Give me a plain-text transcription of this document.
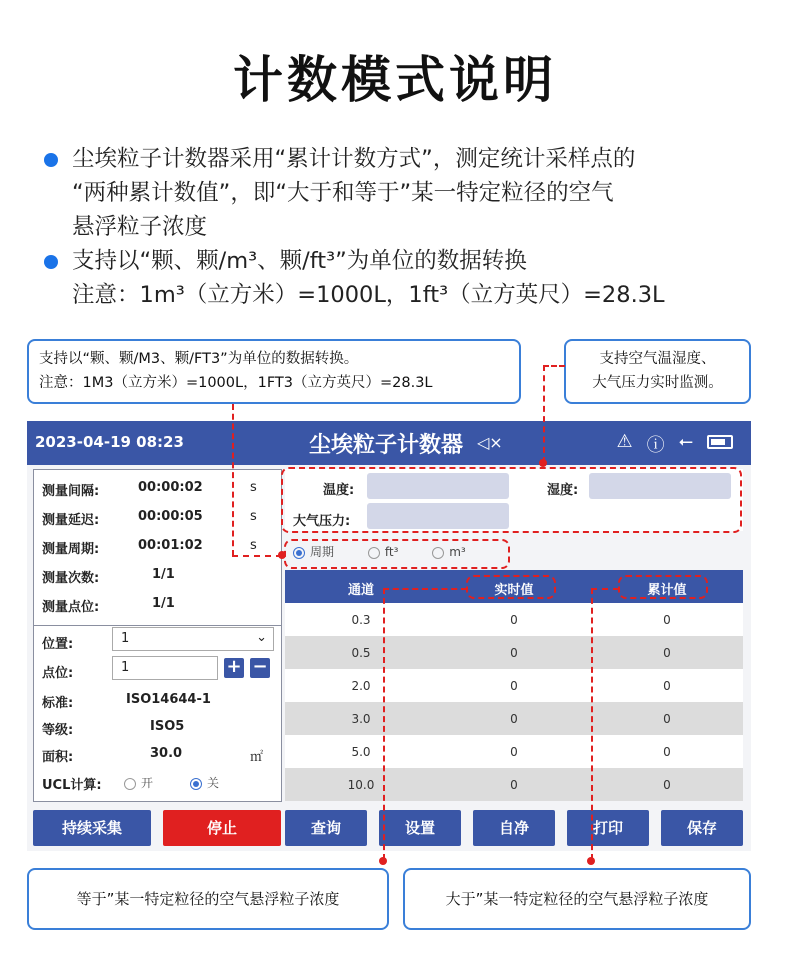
计数模式说明
尘埃粒子计数器采用“累计计数方式”，测定统计采样点的
“两种累计数值”，即“大于和等于”某一特定粒径的空气
悬浮粒子浓度
支持以“颗、颗/m³、颗/ft³”为单位的数据转换
注意：1m³（立方米）=1000L，1ft³（立方英尺）=28.3L
支持以“颗、颗/M3、颗/FT3”为单位的数据转换。
注意：1M3（立方米）=1000L，1FT3（立方英尺）=28.3L
支持空气温湿度、
大气压力实时监测。
等于”某一特定粒径的空气悬浮粒子浓度	大于”某一特定粒径的空气悬浮粒子浓度
2023-04-19 08:23	尘埃粒子计数器 ◁×	⚠ ⓘ ⭠
测量间隔:	00:00:02	s
测量延迟:	00:00:05	s
测量周期:	00:01:02	s
测量次数:	1/1
测量点位:	1/1
位置:	1	⌄
点位:	1	+ −
标准:	ISO14644-1
等级:	ISO5
面积:	30.0	㎡
UCL计算:	开	关
温度:	湿度:
大气压力:
周期	ft³	m³
通道	实时值	累计值
0.3	0	0
0.5	0	0
2.0	0	0
3.0	0	0
5.0	0	0
10.0	0	0
持续采集	停止	查询	设置	自净	打印	保存
